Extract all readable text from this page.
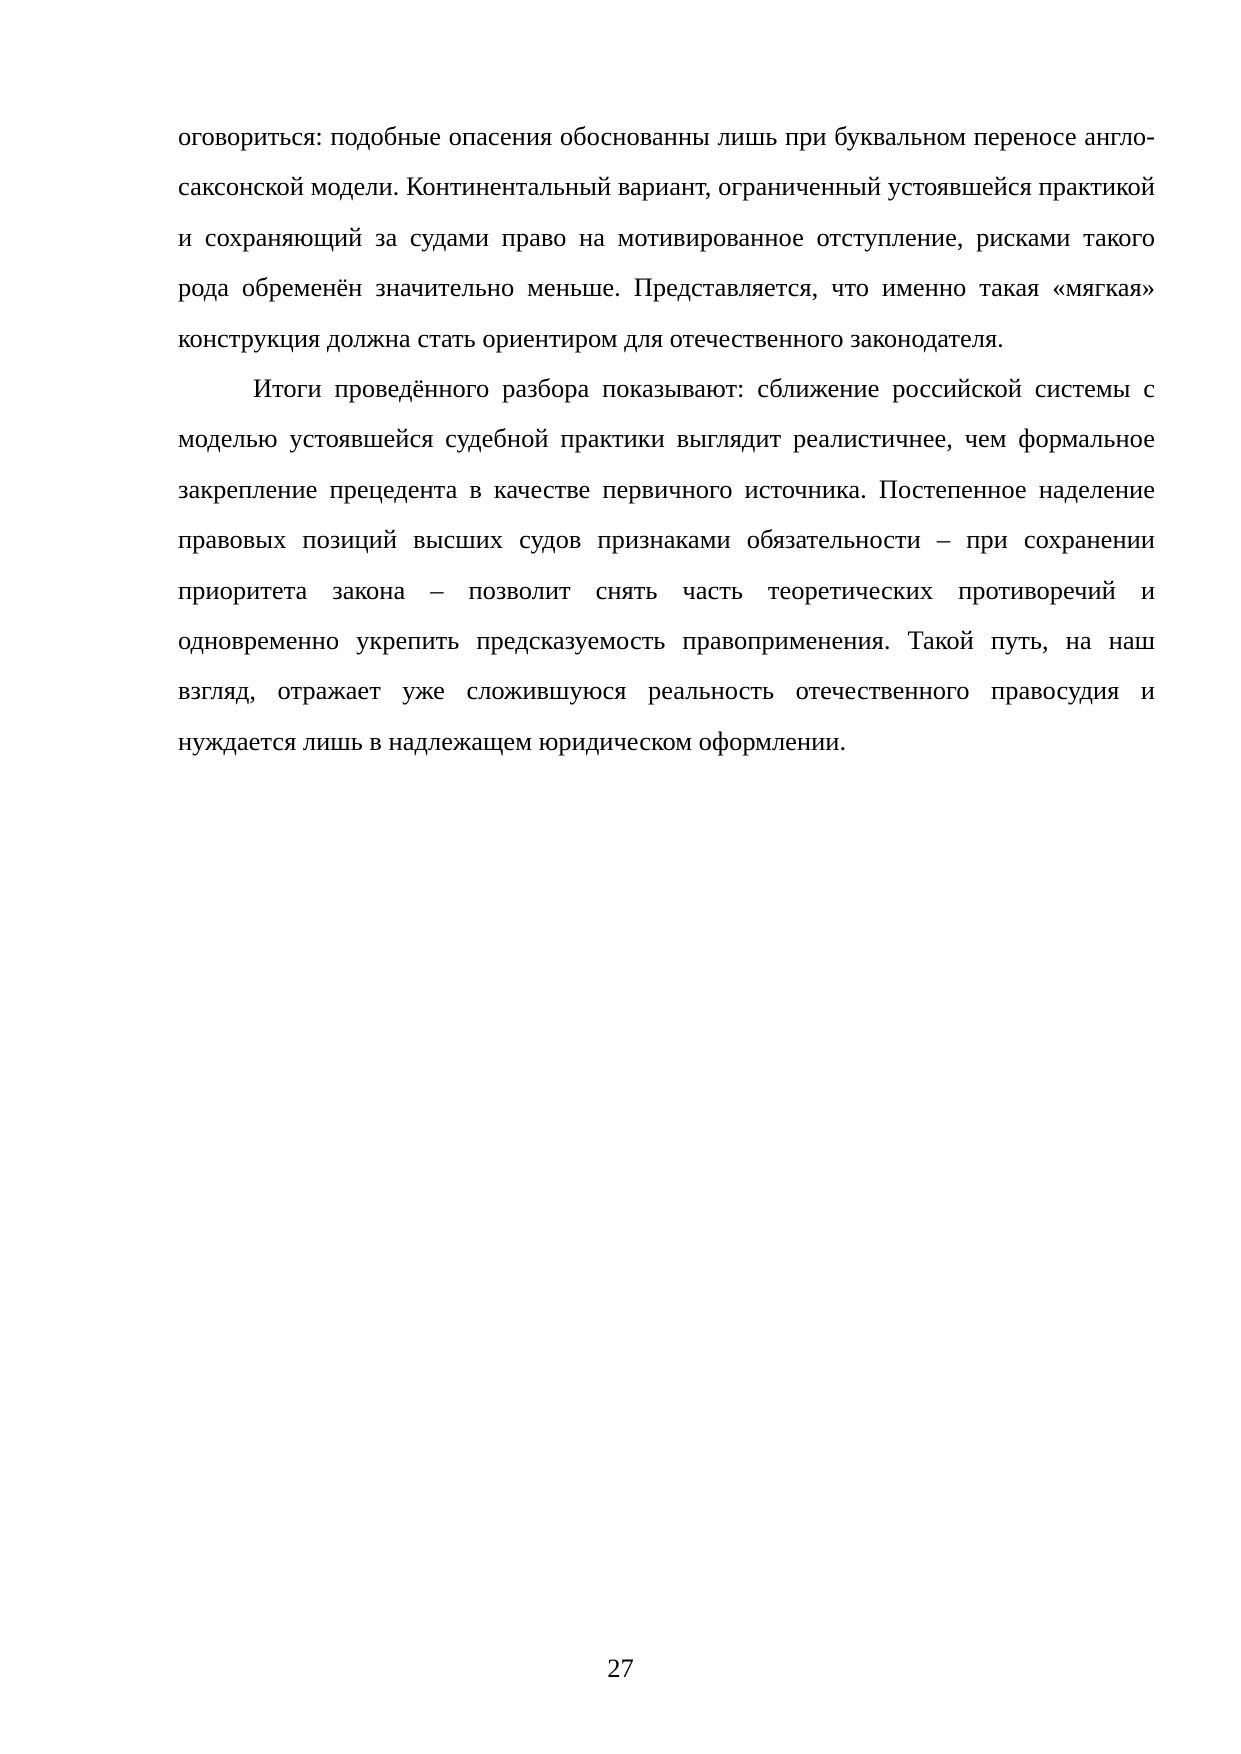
оговориться: подобные опасения обоснованны лишь при буквальном переносе англо-саксонской модели. Континентальный вариант, ограниченный устоявшейся практикой и сохраняющий за судами право на мотивированное отступление, рисками такого рода обременён значительно меньше. Представляется, что именно такая «мягкая» конструкция должна стать ориентиром для отечественного законодателя.

Итоги проведённого разбора показывают: сближение российской системы с моделью устоявшейся судебной практики выглядит реалистичнее, чем формальное закрепление прецедента в качестве первичного источника. Постепенное наделение правовых позиций высших судов признаками обязательности – при сохранении приоритета закона – позволит снять часть теоретических противоречий и одновременно укрепить предсказуемость правоприменения. Такой путь, на наш взгляд, отражает уже сложившуюся реальность отечественного правосудия и нуждается лишь в надлежащем юридическом оформлении.

27
